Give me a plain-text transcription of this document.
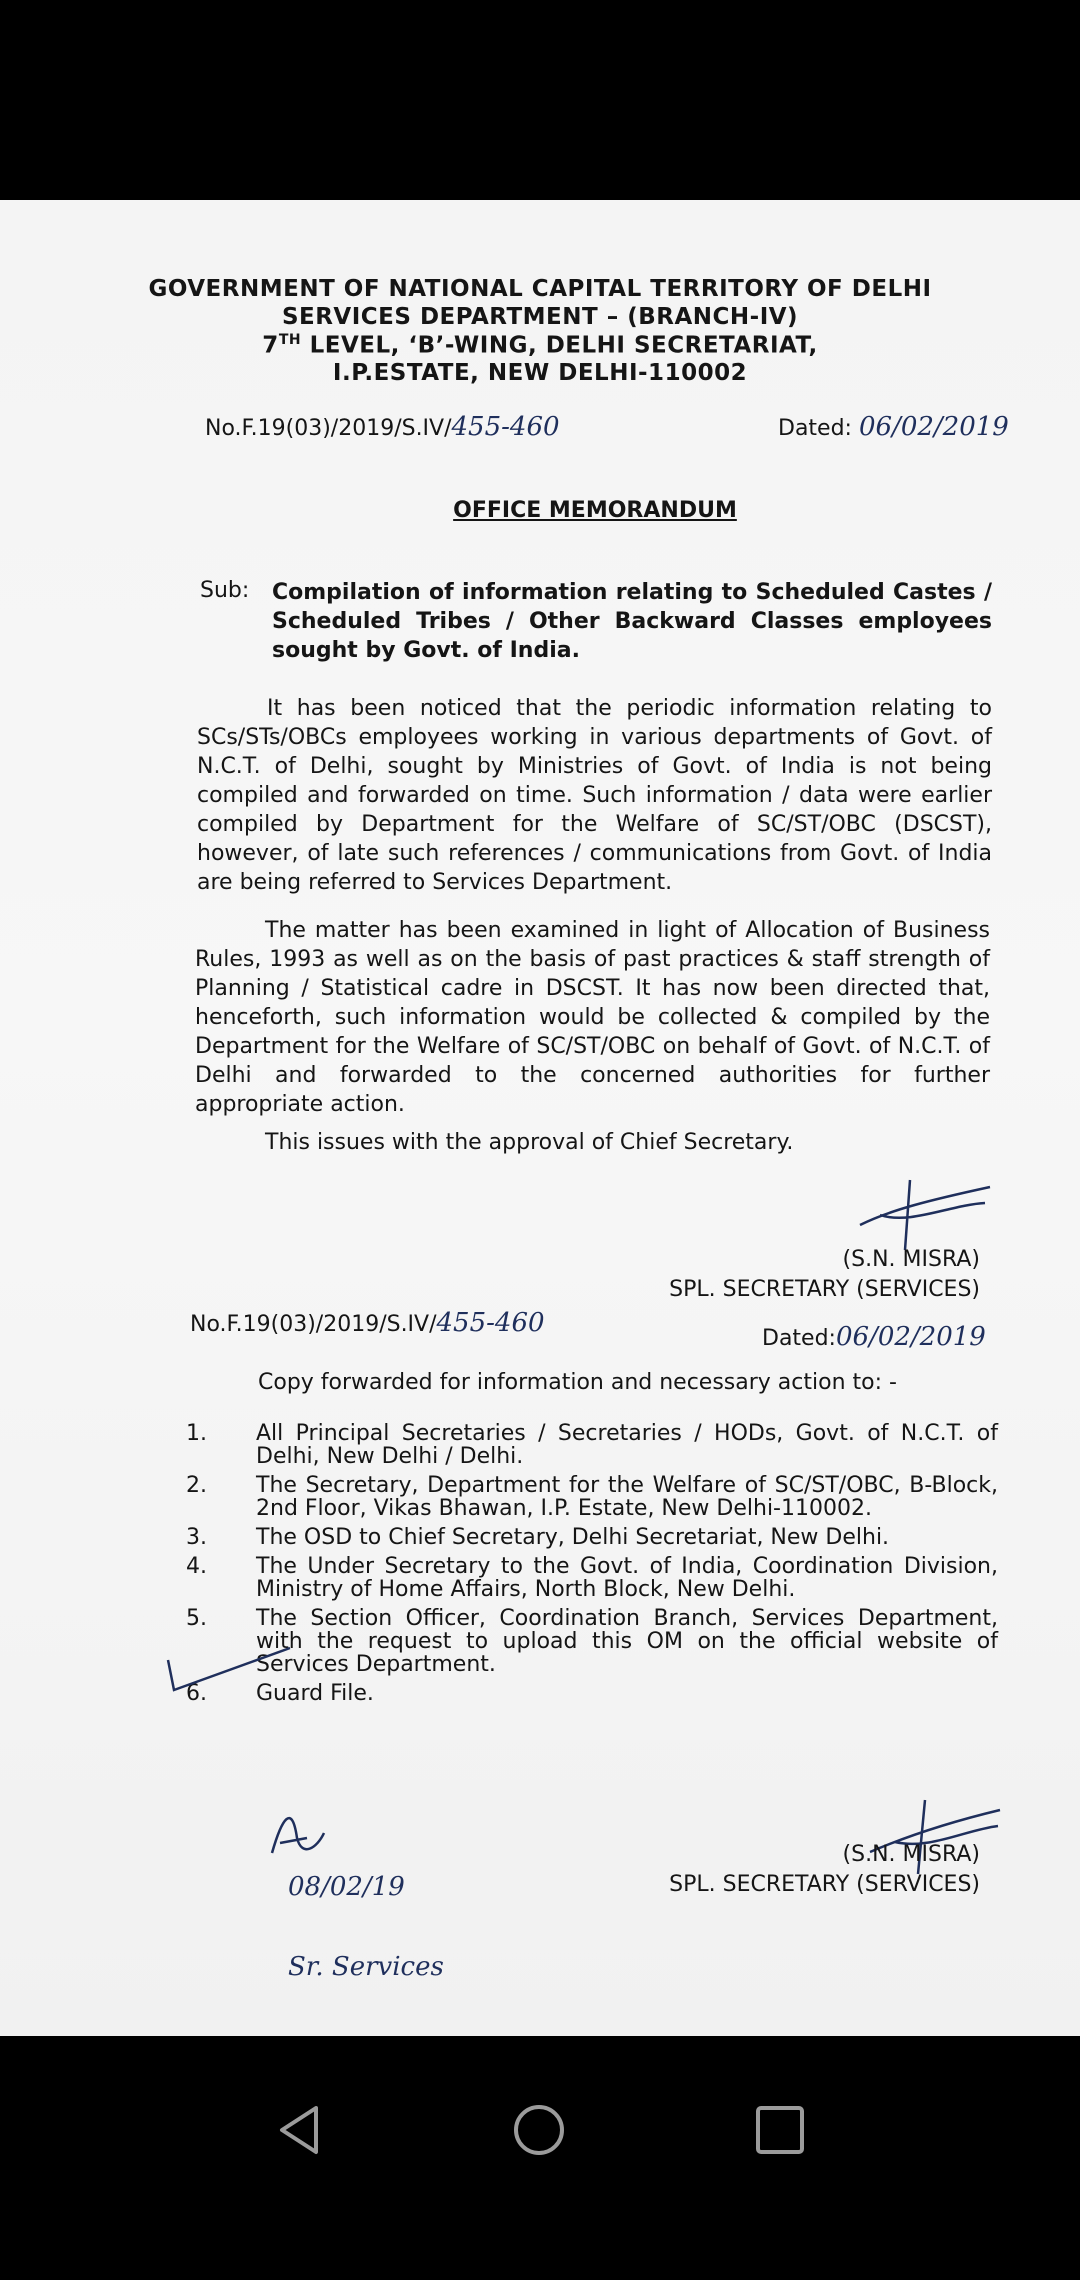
GOVERNMENT OF NATIONAL CAPITAL TERRITORY OF DELHI
SERVICES DEPARTMENT – (BRANCH-IV)
7TH LEVEL, ‘B’-WING, DELHI SECRETARIAT,
I.P.ESTATE, NEW DELHI-110002
No.F.19(03)/2019/S.IV/455-460	Dated: 06/02/2019
OFFICE MEMORANDUM
Sub: Compilation of information relating to Scheduled Castes / Scheduled Tribes / Other Backward Classes employees sought by Govt. of India.
It has been noticed that the periodic information relating to SCs/STs/OBCs employees working in various departments of Govt. of N.C.T. of Delhi, sought by Ministries of Govt. of India is not being compiled and forwarded on time. Such information / data were earlier compiled by Department for the Welfare of SC/ST/OBC (DSCST), however, of late such references / communications from Govt. of India are being referred to Services Department.
The matter has been examined in light of Allocation of Business Rules, 1993 as well as on the basis of past practices & staff strength of Planning / Statistical cadre in DSCST. It has now been directed that, henceforth, such information would be collected & compiled by the Department for the Welfare of SC/ST/OBC on behalf of Govt. of N.C.T. of Delhi and forwarded to the concerned authorities for further appropriate action.
This issues with the approval of Chief Secretary.
(S.N. MISRA)
SPL. SECRETARY (SERVICES)
No.F.19(03)/2019/S.IV/455-460
Dated:06/02/2019
Copy forwarded for information and necessary action to: -
1. All Principal Secretaries / Secretaries / HODs, Govt. of N.C.T. of Delhi, New Delhi / Delhi.
2. The Secretary, Department for the Welfare of SC/ST/OBC, B-Block, 2nd Floor, Vikas Bhawan, I.P. Estate, New Delhi-110002.
3. The OSD to Chief Secretary, Delhi Secretariat, New Delhi.
4. The Under Secretary to the Govt. of India, Coordination Division, Ministry of Home Affairs, North Block, New Delhi.
5. The Section Officer, Coordination Branch, Services Department, with the request to upload this OM on the official website of Services Department.
6. Guard File.
(S.N. MISRA)
SPL. SECRETARY (SERVICES)
08/02/19
Sr. Services
